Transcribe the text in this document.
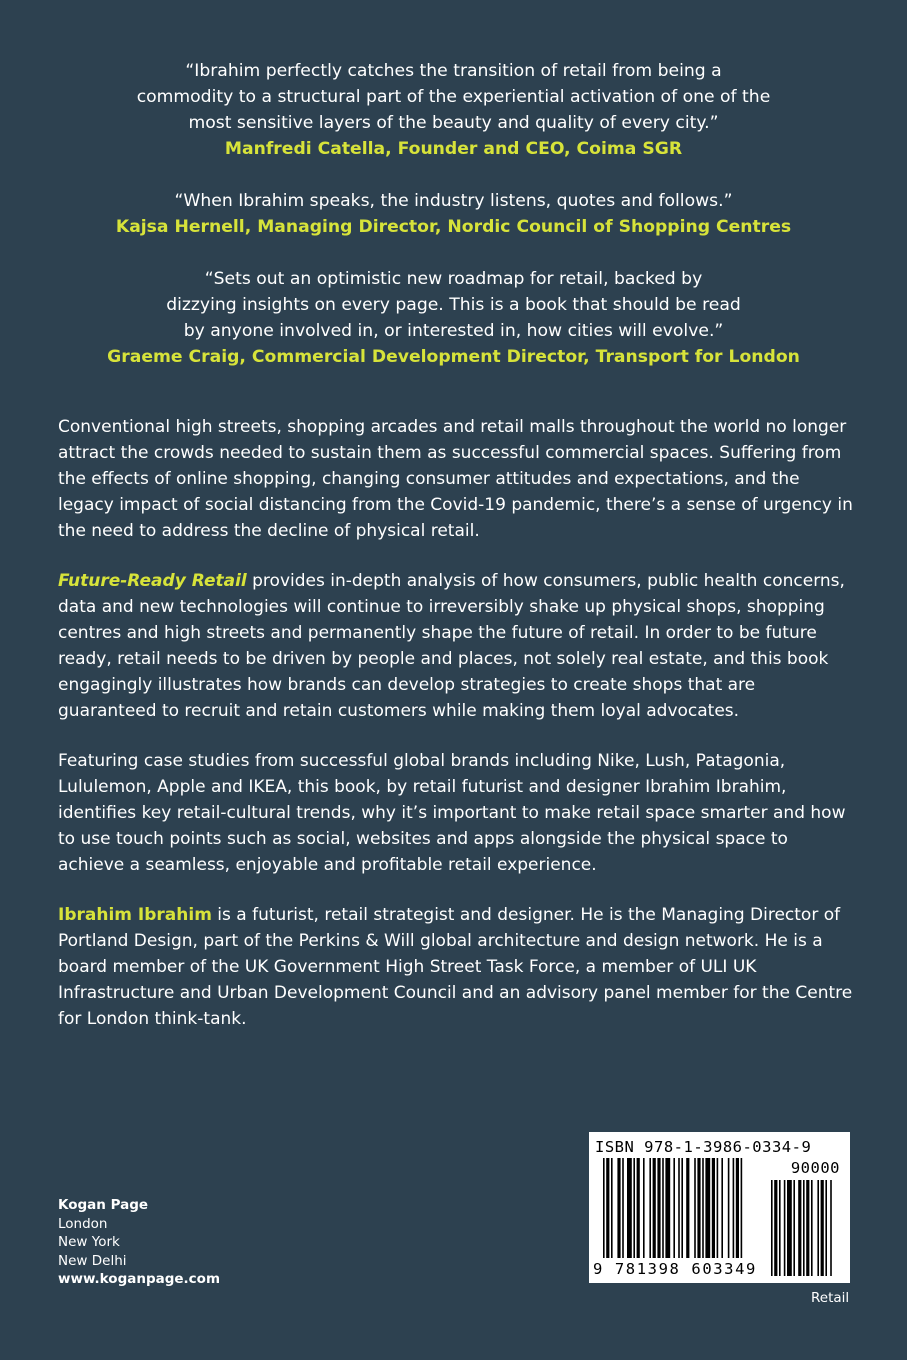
“Ibrahim perfectly catches the transition of retail from being a
commodity to a structural part of the experiential activation of one of the
most sensitive layers of the beauty and quality of every city.”
Manfredi Catella, Founder and CEO, Coima SGR
“When Ibrahim speaks, the industry listens, quotes and follows.”
Kajsa Hernell, Managing Director, Nordic Council of Shopping Centres
“Sets out an optimistic new roadmap for retail, backed by
dizzying insights on every page. This is a book that should be read
by anyone involved in, or interested in, how cities will evolve.”
Graeme Craig, Commercial Development Director, Transport for London

Conventional high streets, shopping arcades and retail malls throughout the world no longer attract the crowds needed to sustain them as successful commercial spaces. Suffering from the effects of online shopping, changing consumer attitudes and expectations, and the legacy impact of social distancing from the Covid-19 pandemic, there’s a sense of urgency in the need to address the decline of physical retail.

Future-Ready Retail provides in-depth analysis of how consumers, public health concerns, data and new technologies will continue to irreversibly shake up physical shops, shopping centres and high streets and permanently shape the future of retail. In order to be future ready, retail needs to be driven by people and places, not solely real estate, and this book engagingly illustrates how brands can develop strategies to create shops that are guaranteed to recruit and retain customers while making them loyal advocates.

Featuring case studies from successful global brands including Nike, Lush, Patagonia, Lululemon, Apple and IKEA, this book, by retail futurist and designer Ibrahim Ibrahim, identifies key retail-cultural trends, why it’s important to make retail space smarter and how to use touch points such as social, websites and apps alongside the physical space to achieve a seamless, enjoyable and profitable retail experience.

Ibrahim Ibrahim is a futurist, retail strategist and designer. He is the Managing Director of Portland Design, part of the Perkins & Will global architecture and design network. He is a board member of the UK Government High Street Task Force, a member of ULI UK Infrastructure and Urban Development Council and an advisory panel member for the Centre for London think-tank.

Kogan Page
London
New York
New Delhi
www.koganpage.com
ISBN 978-1-3986-0334-9
90000
9 781398 603349
Retail
